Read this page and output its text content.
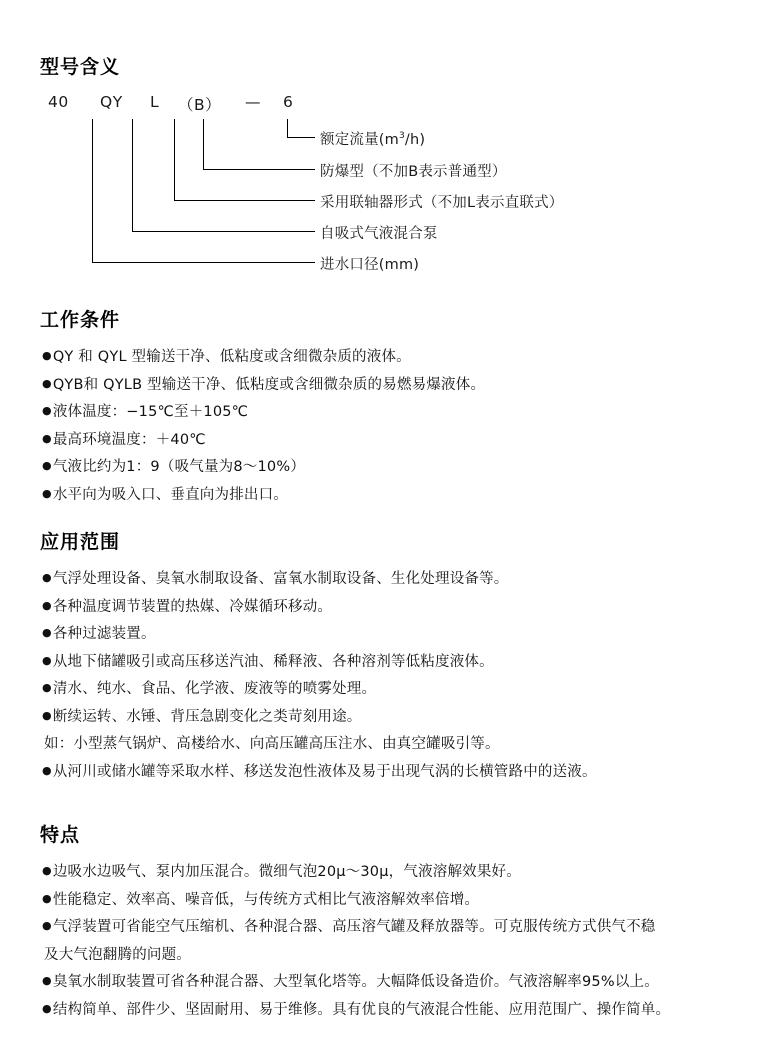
型号含义
40 QY L （B） — 6
额定流量$(m^3/h)$
防爆型（不加B表示普通型）
采用联轴器形式（不加L表示直联式）
自吸式气液混合泵
进水口径(mm)
工作条件
●QY 和 QYL 型输送干净、低粘度或含细微杂质的液体。
●QYB和 QYLB 型输送干净、低粘度或含细微杂质的易燃易爆液体。
●液体温度：−15℃至＋105℃
●最高环境温度：＋40℃
●气液比约为1：9（吸气量为8～10%）
●水平向为吸入口、垂直向为排出口。
应用范围
●气浮处理设备、臭氧水制取设备、富氧水制取设备、生化处理设备等。
●各种温度调节装置的热媒、冷媒循环移动。
●各种过滤装置。
●从地下储罐吸引或高压移送汽油、稀释液、各种溶剂等低粘度液体。
●清水、纯水、食品、化学液、废液等的喷雾处理。
●断续运转、水锤、背压急剧变化之类苛刻用途。
如：小型蒸气锅炉、高楼给水、向高压罐高压注水、由真空罐吸引等。
●从河川或储水罐等采取水样、移送发泡性液体及易于出现气涡的长横管路中的送液。
特点
●边吸水边吸气、泵内加压混合。微细气泡20μ～30μ，气液溶解效果好。
●性能稳定、效率高、噪音低，与传统方式相比气液溶解效率倍增。
●气浮装置可省能空气压缩机、各种混合器、高压溶气罐及释放器等。可克服传统方式供气不稳
及大气泡翻腾的问题。
●臭氧水制取装置可省各种混合器、大型氧化塔等。大幅降低设备造价。气液溶解率95%以上。
●结构简单、部件少、坚固耐用、易于维修。具有优良的气液混合性能、应用范围广、操作简单。
